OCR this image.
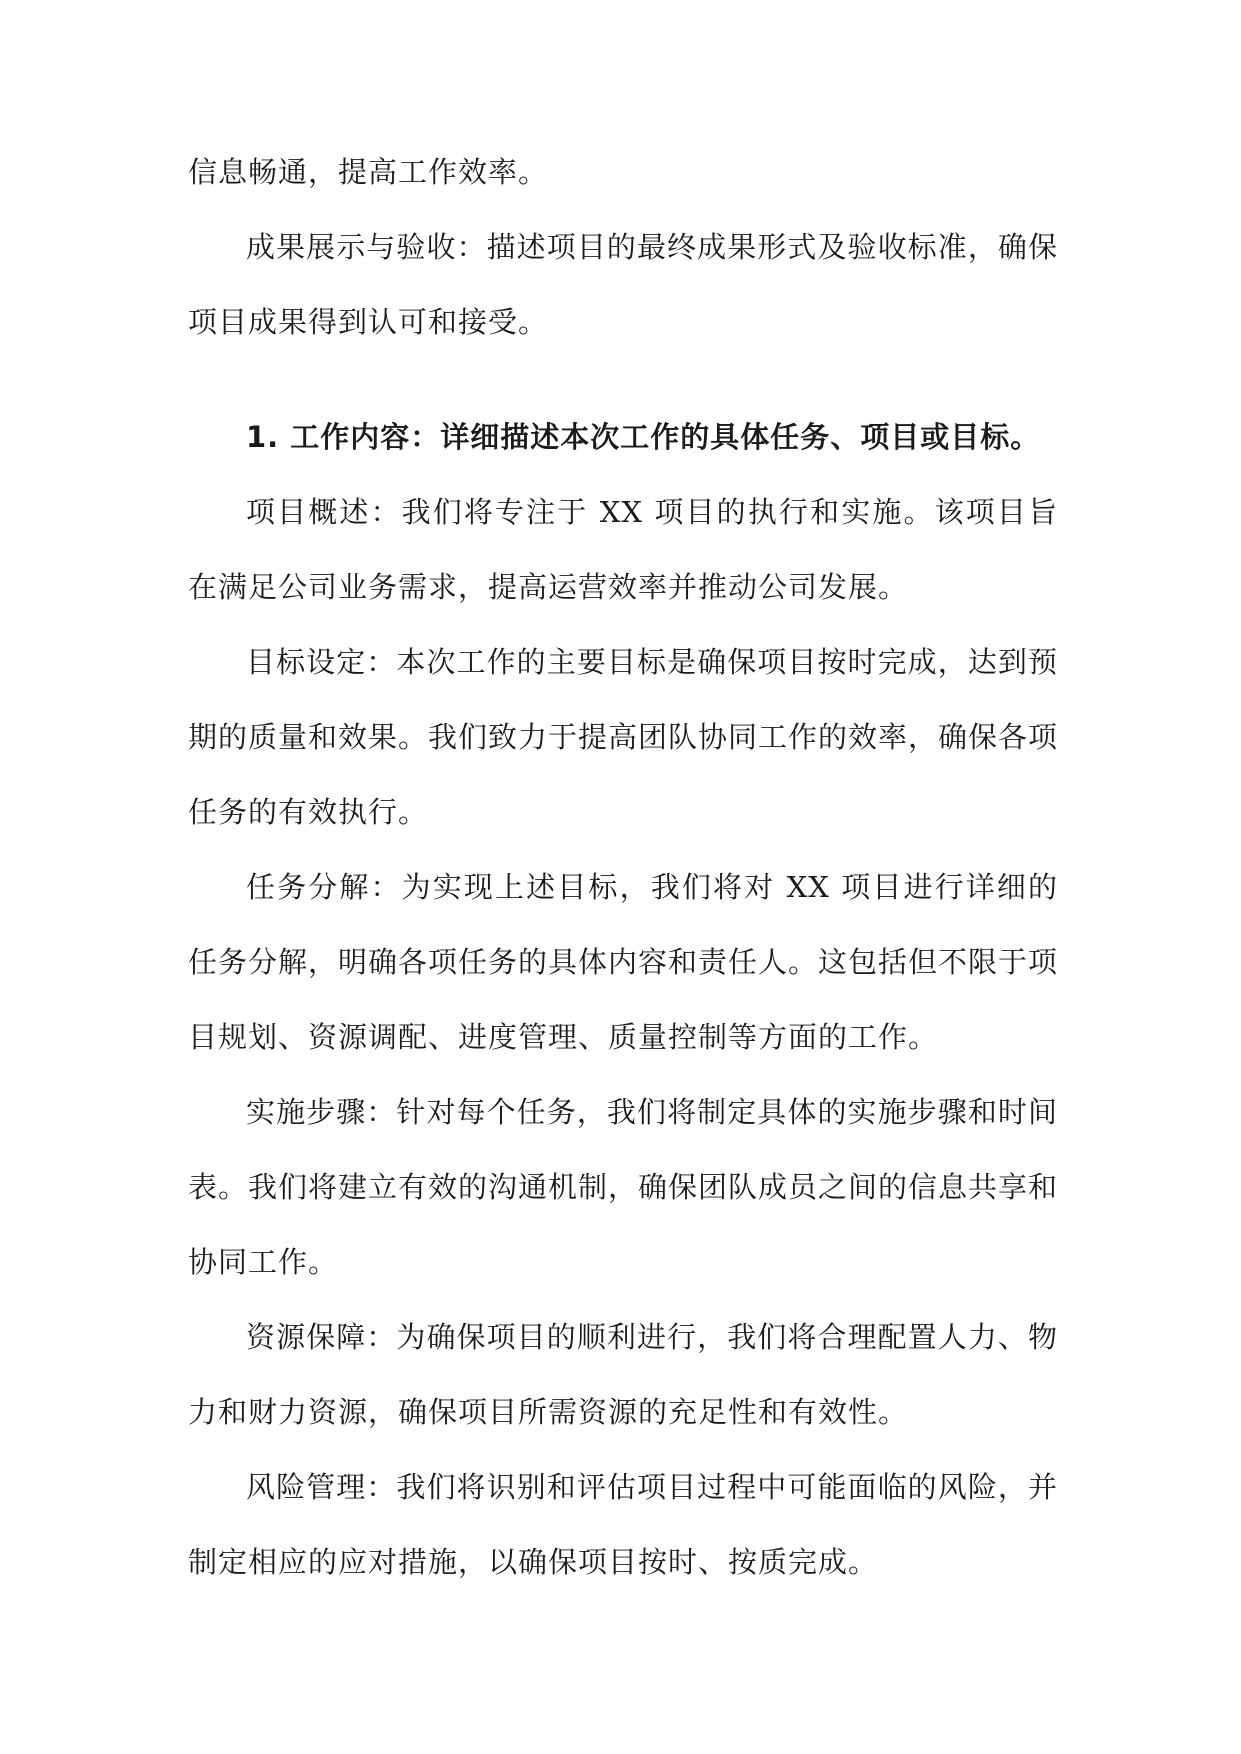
信息畅通，提高工作效率。

成果展示与验收：描述项目的最终成果形式及验收标准，确保项目成果得到认可和接受。

1. 工作内容：详细描述本次工作的具体任务、项目或目标。

项目概述：我们将专注于 XX 项目的执行和实施。该项目旨在满足公司业务需求，提高运营效率并推动公司发展。

目标设定：本次工作的主要目标是确保项目按时完成，达到预期的质量和效果。我们致力于提高团队协同工作的效率，确保各项任务的有效执行。

任务分解：为实现上述目标，我们将对 XX 项目进行详细的任务分解，明确各项任务的具体内容和责任人。这包括但不限于项目规划、资源调配、进度管理、质量控制等方面的工作。

实施步骤：针对每个任务，我们将制定具体的实施步骤和时间表。我们将建立有效的沟通机制，确保团队成员之间的信息共享和协同工作。

资源保障：为确保项目的顺利进行，我们将合理配置人力、物力和财力资源，确保项目所需资源的充足性和有效性。

风险管理：我们将识别和评估项目过程中可能面临的风险，并制定相应的应对措施，以确保项目按时、按质完成。
